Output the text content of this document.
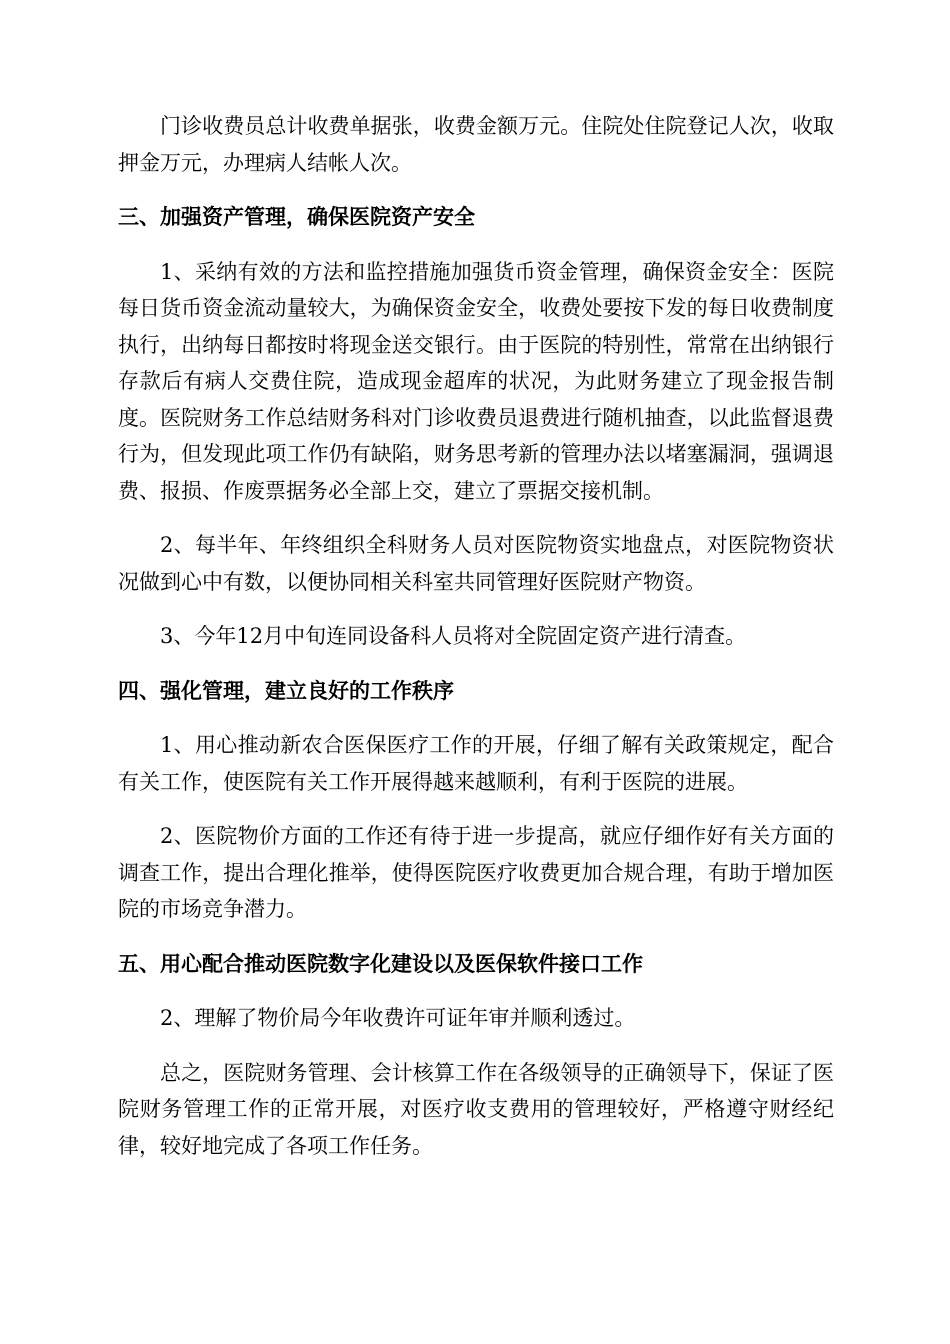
门诊收费员总计收费单据张，收费金额万元。住院处住院登记人次，收取押金万元，办理病人结帐人次。

三、加强资产管理，确保医院资产安全

1、采纳有效的方法和监控措施加强货币资金管理，确保资金安全：医院每日货币资金流动量较大，为确保资金安全，收费处要按下发的每日收费制度执行，出纳每日都按时将现金送交银行。由于医院的特别性，常常在出纳银行存款后有病人交费住院，造成现金超库的状况，为此财务建立了现金报告制度。医院财务工作总结财务科对门诊收费员退费进行随机抽查，以此监督退费行为，但发现此项工作仍有缺陷，财务思考新的管理办法以堵塞漏洞，强调退费、报损、作废票据务必全部上交，建立了票据交接机制。

2、每半年、年终组织全科财务人员对医院物资实地盘点，对医院物资状况做到心中有数，以便协同相关科室共同管理好医院财产物资。

3、今年12月中旬连同设备科人员将对全院固定资产进行清查。

四、强化管理，建立良好的工作秩序

1、用心推动新农合医保医疗工作的开展，仔细了解有关政策规定，配合有关工作，使医院有关工作开展得越来越顺利，有利于医院的进展。

2、医院物价方面的工作还有待于进一步提高，就应仔细作好有关方面的调查工作，提出合理化推举，使得医院医疗收费更加合规合理，有助于增加医院的市场竞争潜力。

五、用心配合推动医院数字化建设以及医保软件接口工作

2、理解了物价局今年收费许可证年审并顺利透过。

总之，医院财务管理、会计核算工作在各级领导的正确领导下，保证了医院财务管理工作的正常开展，对医疗收支费用的管理较好，严格遵守财经纪律，较好地完成了各项工作任务。
